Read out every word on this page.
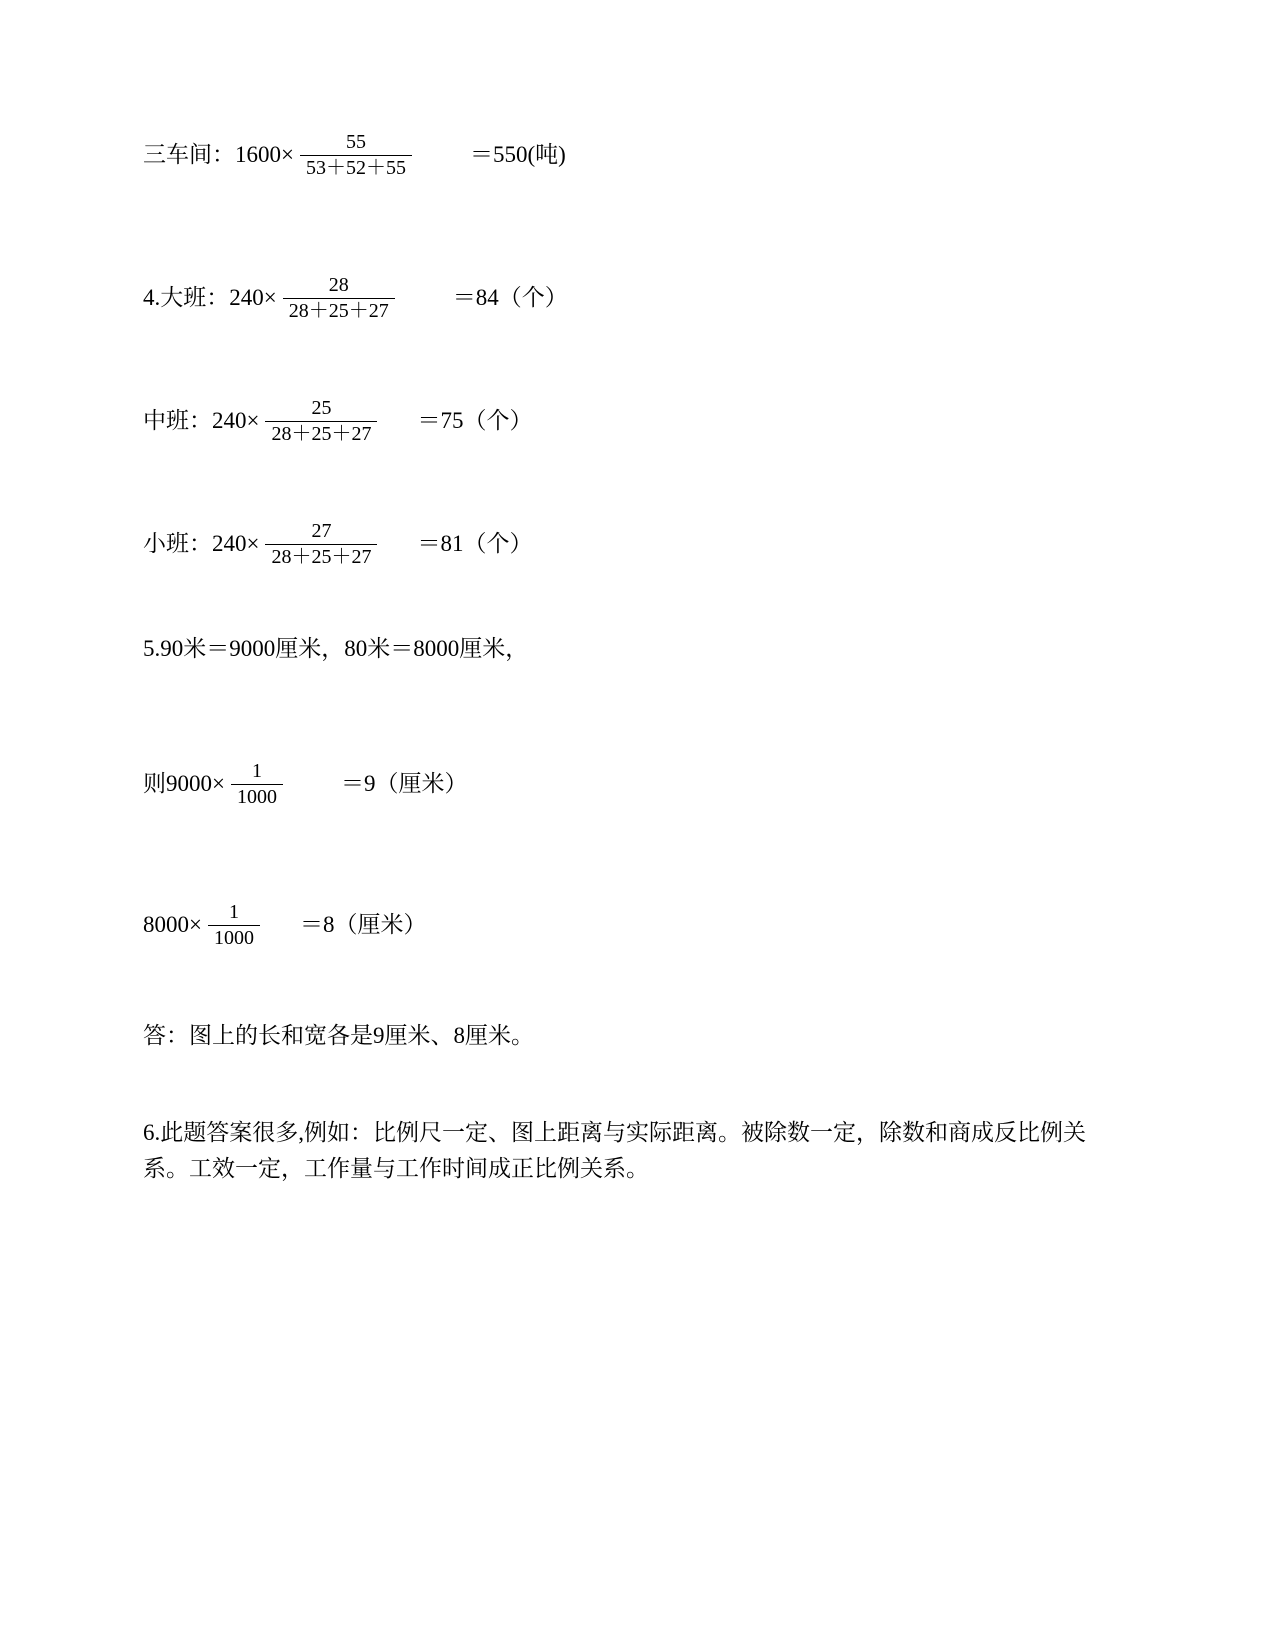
三车间：$1600\times \frac{55}{53+52+55}$	＝550(吨)
4.大班：$240\times \frac{28}{28+25+27}$	＝84（个）
中班：$240\times \frac{25}{28+25+27} =75$（个）
小班：$240\times \frac{27}{28+25+27} =81$（个）
5.90米＝9000厘米，80米＝8000厘米，
则$9000\times \frac{1}{1000}$	＝9（厘米）
$8000\times \frac{1}{1000} =8$（厘米）
答：图上的长和宽各是9厘米、8厘米。
6.此题答案很多,例如：比例尺一定、图上距离与实际距离。被除数一定，除数和商成反比例关系。工效一定，工作量与工作时间成正比例关系。
